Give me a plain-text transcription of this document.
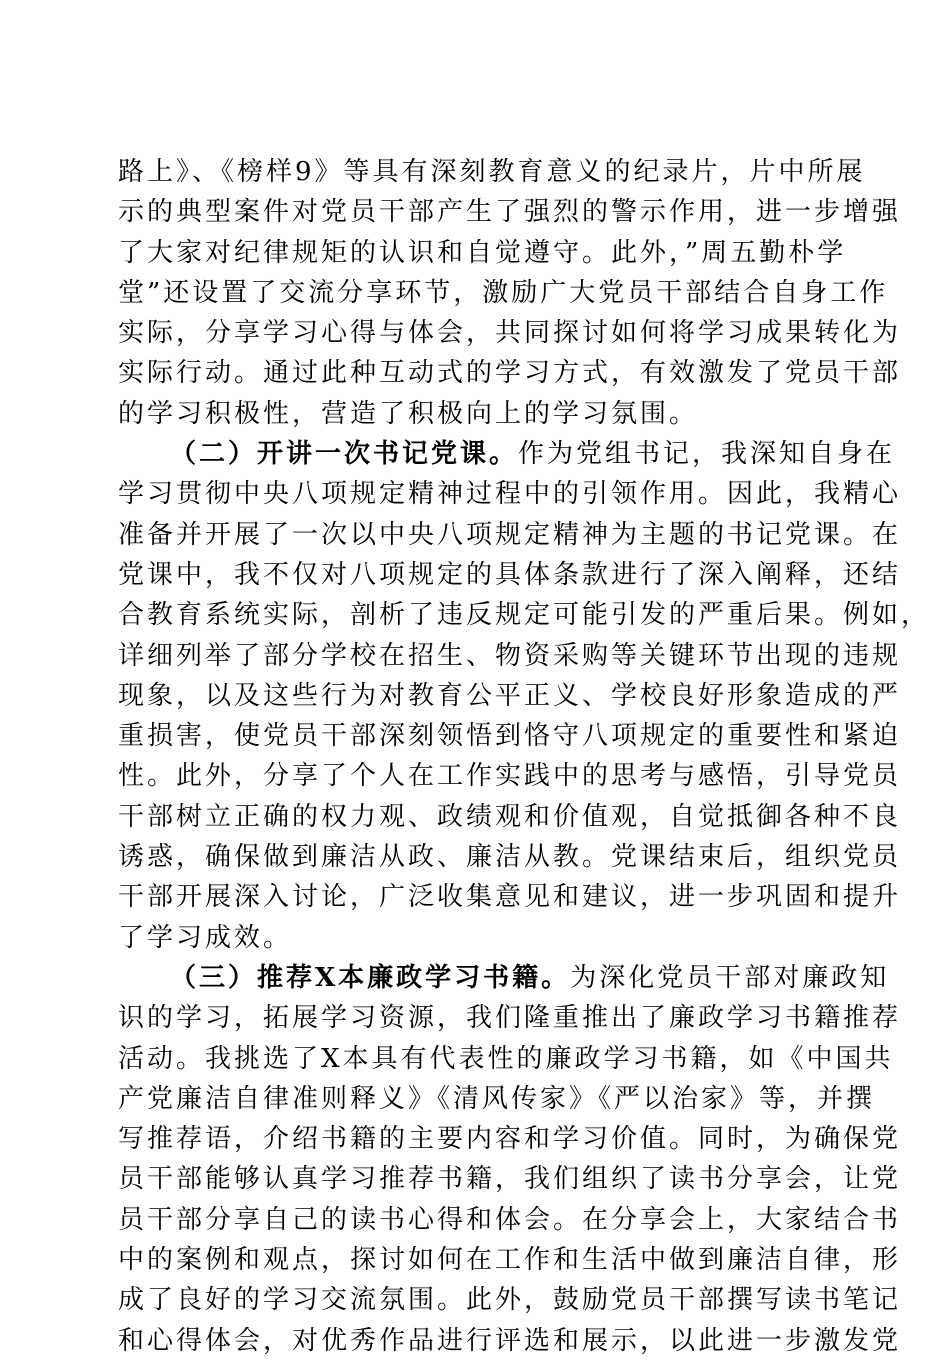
路上》、《榜样9》等具有深刻教育意义的纪录片，片中所展
示的典型案件对党员干部产生了强烈的警示作用，进一步增强
了大家对纪律规矩的认识和自觉遵守。此外，”周五勤朴学
堂”还设置了交流分享环节，激励广大党员干部结合自身工作
实际，分享学习心得与体会，共同探讨如何将学习成果转化为
实际行动。通过此种互动式的学习方式，有效激发了党员干部
的学习积极性，营造了积极向上的学习氛围。
（二）开讲一次书记党课。作为党组书记，我深知自身在
学习贯彻中央八项规定精神过程中的引领作用。因此，我精心
准备并开展了一次以中央八项规定精神为主题的书记党课。在
党课中，我不仅对八项规定的具体条款进行了深入阐释，还结
合教育系统实际，剖析了违反规定可能引发的严重后果。例如，
详细列举了部分学校在招生、物资采购等关键环节出现的违规
现象，以及这些行为对教育公平正义、学校良好形象造成的严
重损害，使党员干部深刻领悟到恪守八项规定的重要性和紧迫
性。此外，分享了个人在工作实践中的思考与感悟，引导党员
干部树立正确的权力观、政绩观和价值观，自觉抵御各种不良
诱惑，确保做到廉洁从政、廉洁从教。党课结束后，组织党员
干部开展深入讨论，广泛收集意见和建议，进一步巩固和提升
了学习成效。
（三）推荐X本廉政学习书籍。为深化党员干部对廉政知
识的学习，拓展学习资源，我们隆重推出了廉政学习书籍推荐
活动。我挑选了X本具有代表性的廉政学习书籍，如《中国共
产党廉洁自律准则释义》《清风传家》《严以治家》等，并撰
写推荐语，介绍书籍的主要内容和学习价值。同时，为确保党
员干部能够认真学习推荐书籍，我们组织了读书分享会，让党
员干部分享自己的读书心得和体会。在分享会上，大家结合书
中的案例和观点，探讨如何在工作和生活中做到廉洁自律，形
成了良好的学习交流氛围。此外，鼓励党员干部撰写读书笔记
和心得体会，对优秀作品进行评选和展示，以此进一步激发党
